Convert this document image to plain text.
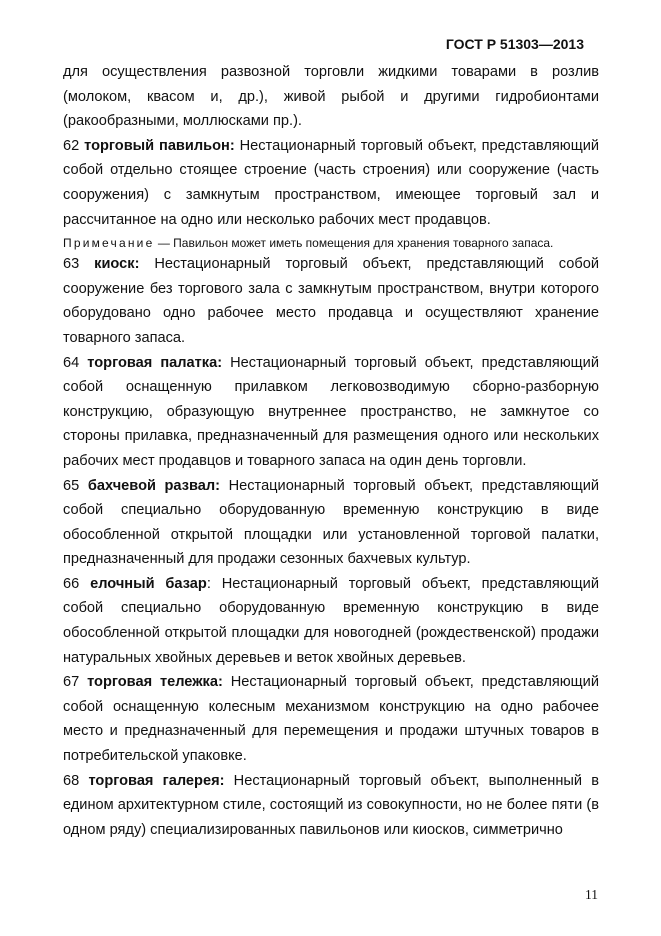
ГОСТ Р 51303—2013

для осуществления развозной торговли жидкими товарами в розлив (молоком, квасом и, др.), живой рыбой и другими гидробионтами (ракообразными, моллюсками пр.).

62 торговый павильон: Нестационарный торговый объект, представляющий собой отдельно стоящее строение (часть строения) или сооружение (часть сооружения) с замкнутым пространством, имеющее торговый зал и рассчитанное на одно или несколько рабочих мест продавцов.

Примечание — Павильон может иметь помещения для хранения товарного запаса.

63 киоск: Нестационарный торговый объект, представляющий собой сооружение без торгового зала с замкнутым пространством, внутри которого оборудовано одно рабочее место продавца и осуществляют хранение товарного запаса.

64 торговая палатка: Нестационарный торговый объект, представляющий собой оснащенную прилавком легковозводимую сборно-разборную конструкцию, образующую внутреннее пространство, не замкнутое со стороны прилавка, предназначенный для размещения одного или нескольких рабочих мест продавцов и товарного запаса на один день торговли.

65 бахчевой развал: Нестационарный торговый объект, представляющий собой специально оборудованную временную конструкцию в виде обособленной открытой площадки или установленной торговой палатки, предназначенный для продажи сезонных бахчевых культур.

66 елочный базар: Нестационарный торговый объект, представляющий собой специально оборудованную временную конструкцию в виде обособленной открытой площадки для новогодней (рождественской) продажи натуральных хвойных деревьев и веток хвойных деревьев.

67 торговая тележка: Нестационарный торговый объект, представляющий собой оснащенную колесным механизмом конструкцию на одно рабочее место и предназначенный для перемещения и продажи штучных товаров в потребительской упаковке.

68 торговая галерея: Нестационарный торговый объект, выполненный в едином архитектурном стиле, состоящий из совокупности, но не более пяти (в одном ряду) специализированных павильонов или киосков, симметрично

11
